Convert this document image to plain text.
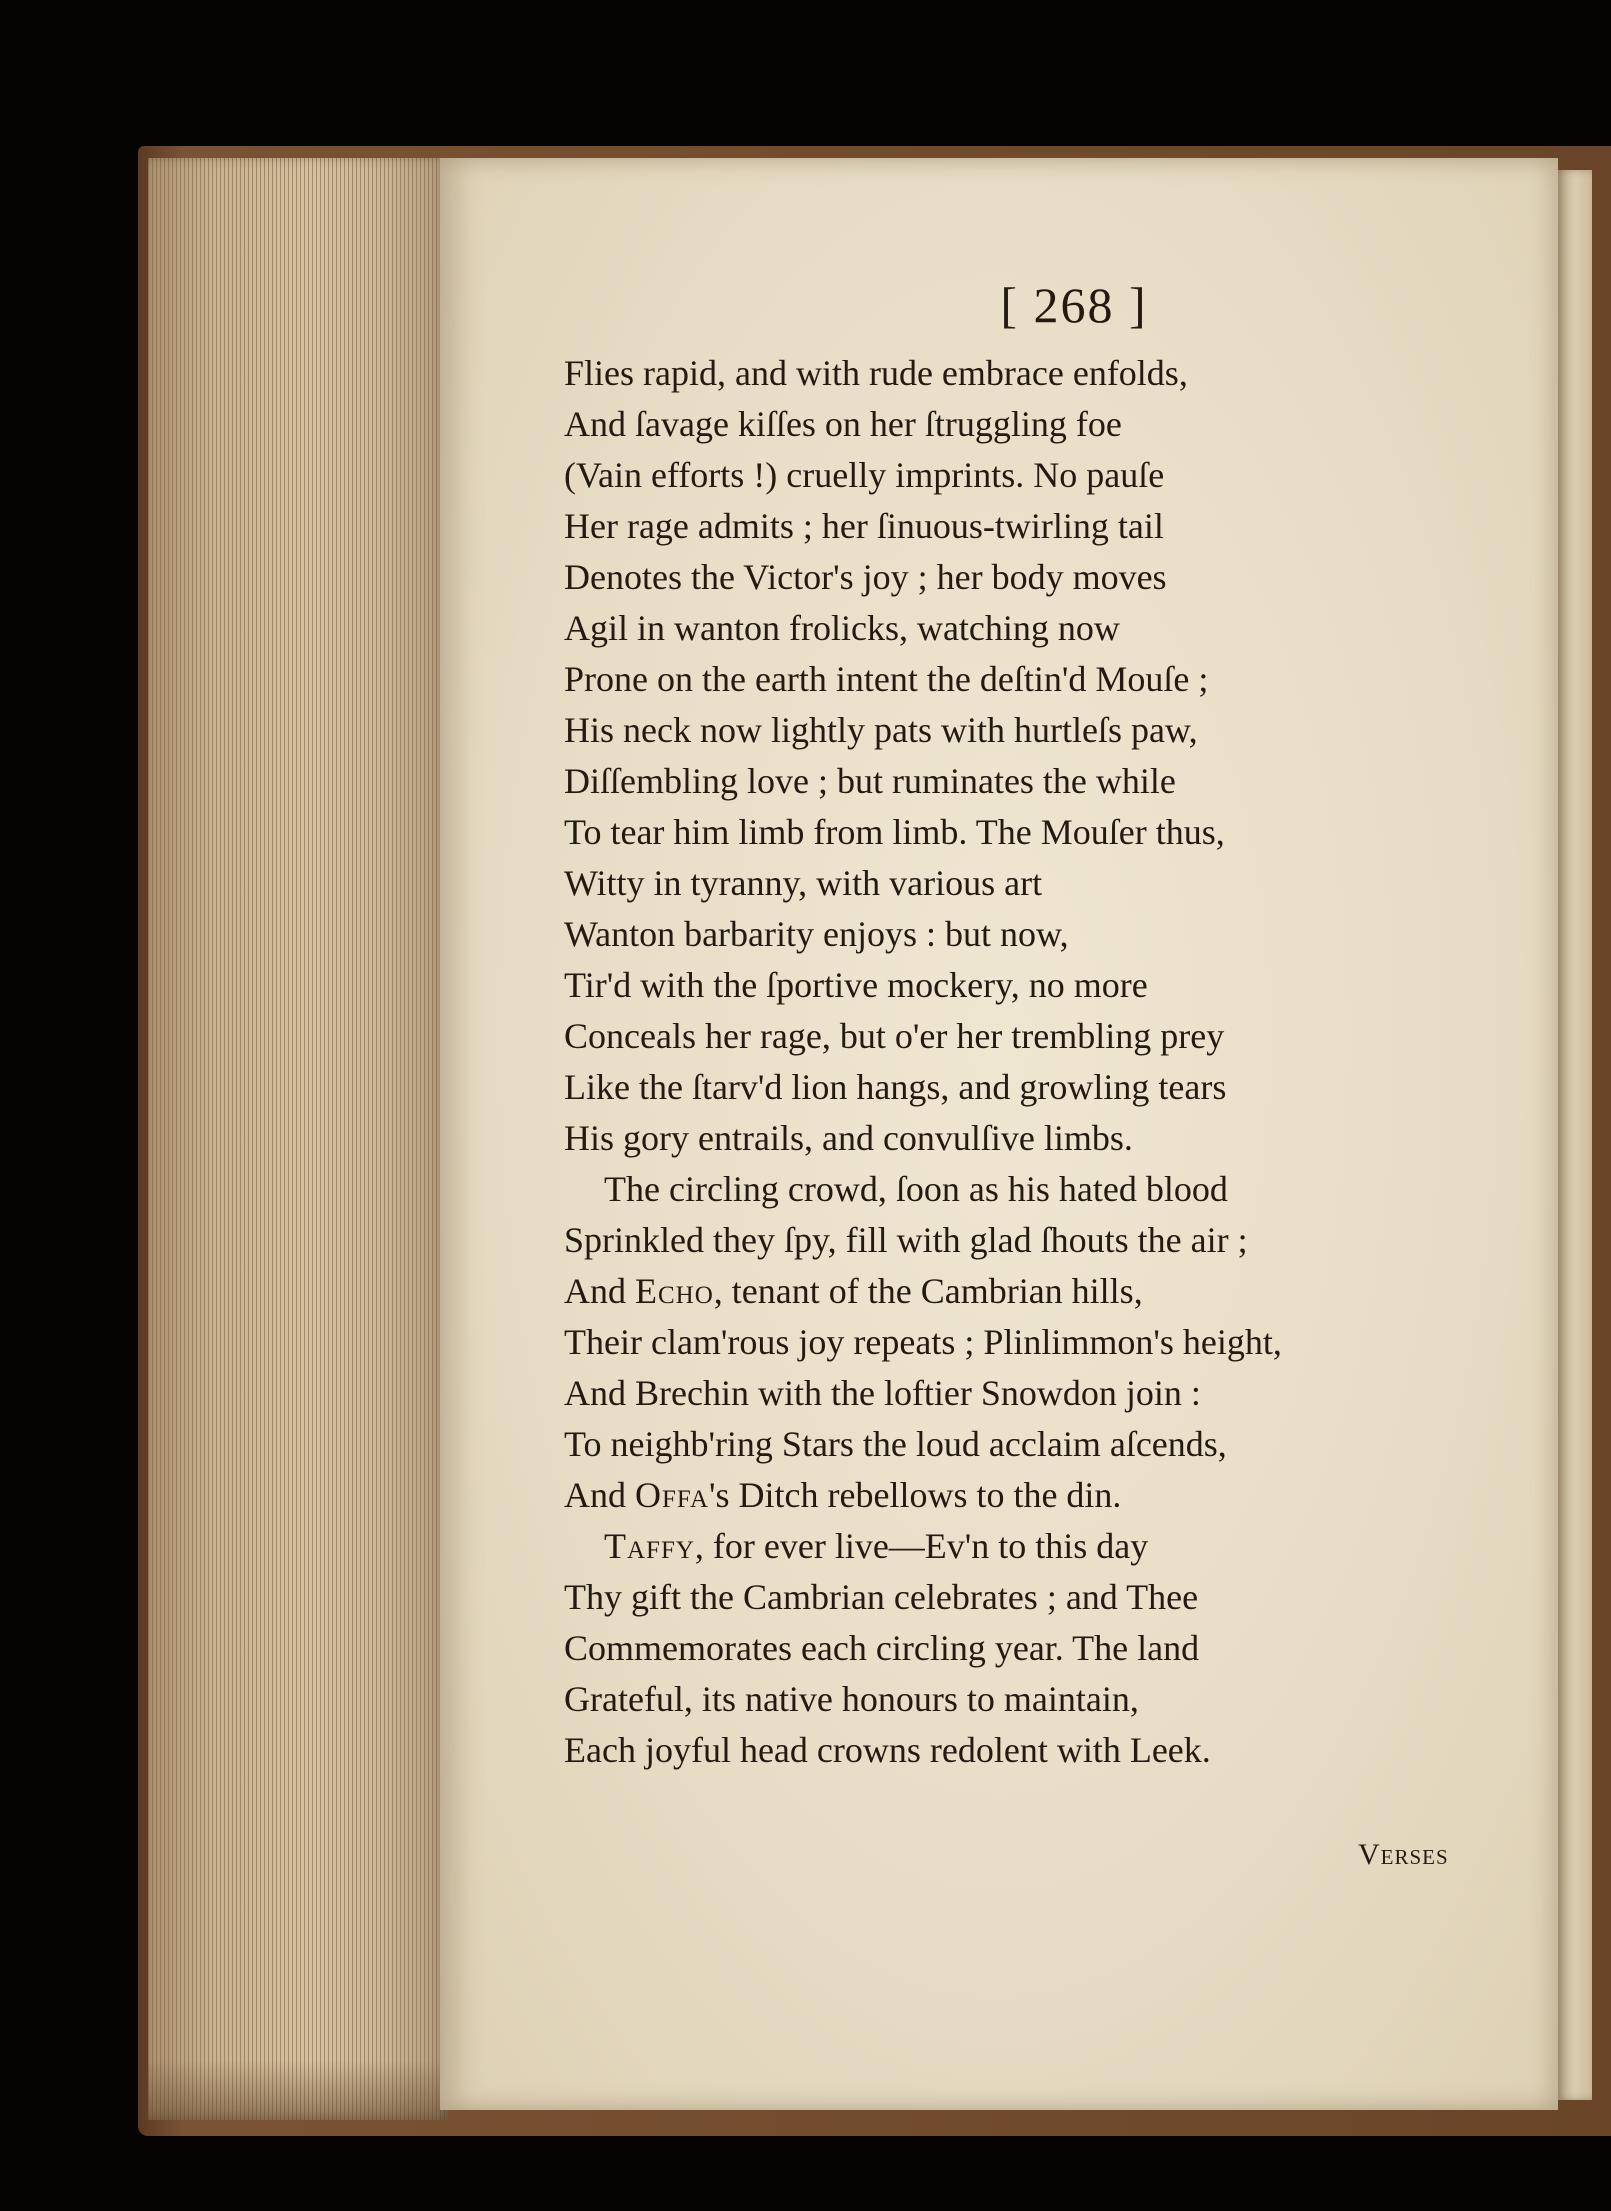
[ 268 ]
Flies rapid, and with rude embrace enfolds,
And ſavage kiſſes on her ſtruggling foe
(Vain efforts !) cruelly imprints. No pauſe
Her rage admits ; her ſinuous-twirling tail
Denotes the Victor's joy ; her body moves
Agil in wanton frolicks, watching now
Prone on the earth intent the deſtin'd Mouſe ;
His neck now lightly pats with hurtleſs paw,
Diſſembling love ; but ruminates the while
To tear him limb from limb. The Mouſer thus,
Witty in tyranny, with various art
Wanton barbarity enjoys : but now,
Tir'd with the ſportive mockery, no more
Conceals her rage, but o'er her trembling prey
Like the ſtarv'd lion hangs, and growling tears
His gory entrails, and convulſive limbs.
The circling crowd, ſoon as his hated blood
Sprinkled they ſpy, fill with glad ſhouts the air ;
And Echo, tenant of the Cambrian hills,
Their clam'rous joy repeats ; Plinlimmon's height,
And Brechin with the loftier Snowdon join :
To neighb'ring Stars the loud acclaim aſcends,
And Offa's Ditch rebellows to the din.
Taffy, for ever live—Ev'n to this day
Thy gift the Cambrian celebrates ; and Thee
Commemorates each circling year. The land
Grateful, its native honours to maintain,
Each joyful head crowns redolent with Leek.
Verses
